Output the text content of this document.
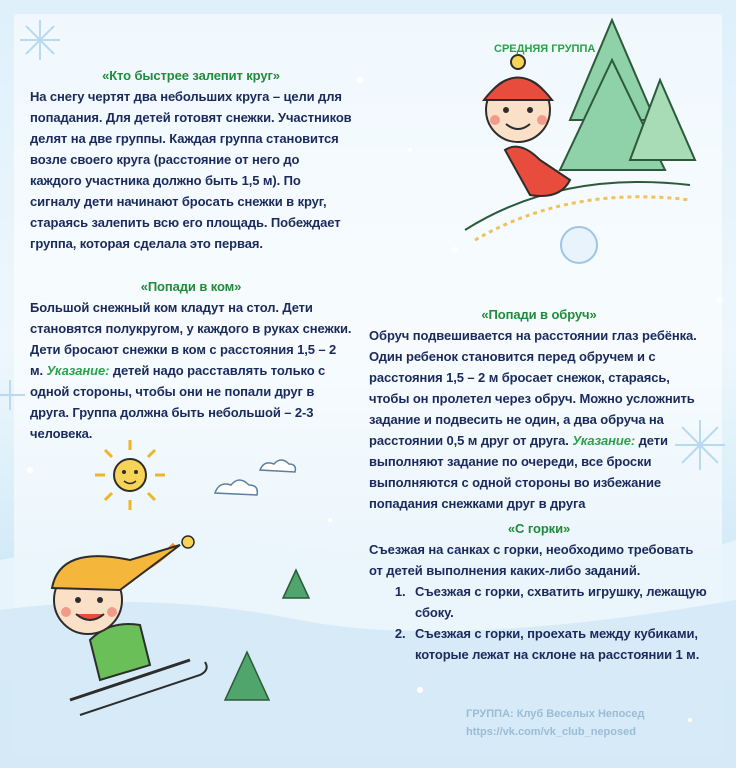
СРЕДНЯЯ ГРУППА
«Кто быстрее залепит круг»
На снегу чертят два небольших круга – цели для попадания. Для детей готовят снежки. Участников делят на две группы. Каждая группа становится возле своего круга (расстояние от него до каждого участника должно быть 1,5 м). По сигналу дети начинают бросать снежки в круг, стараясь залепить всю его площадь. Побеждает группа, которая сделала это первая.
«Попади в ком»
Большой снежный ком кладут на стол. Дети становятся полукругом, у каждого в руках снежки. Дети бросают снежки в ком с расстояния 1,5 – 2 м. Указание: детей надо расставлять только с одной стороны, чтобы они не попали друг в друга. Группа должна быть небольшой – 2-3 человека.
«Попади в обруч»
Обруч подвешивается на расстоянии глаз ребёнка. Один ребенок становится перед обручем и с расстояния 1,5 – 2 м бросает снежок, стараясь, чтобы он пролетел через обруч. Можно усложнить задание и подвесить не один, а два обруча на расстоянии 0,5 м друг от друга. Указание: дети выполняют задание по очереди, все броски выполняются с одной стороны во избежание попадания снежками друг в друга
«С горки»
Съезжая на санках с горки, необходимо требовать от детей выполнения каких-либо заданий.
1. Съезжая с горки, схватить игрушку, лежащую сбоку.
2. Съезжая с горки, проехать между кубиками, которые лежат на склоне на расстоянии 1 м.
ГРУППА: Клуб Веселых Непосед
https://vk.com/vk_club_neposed
